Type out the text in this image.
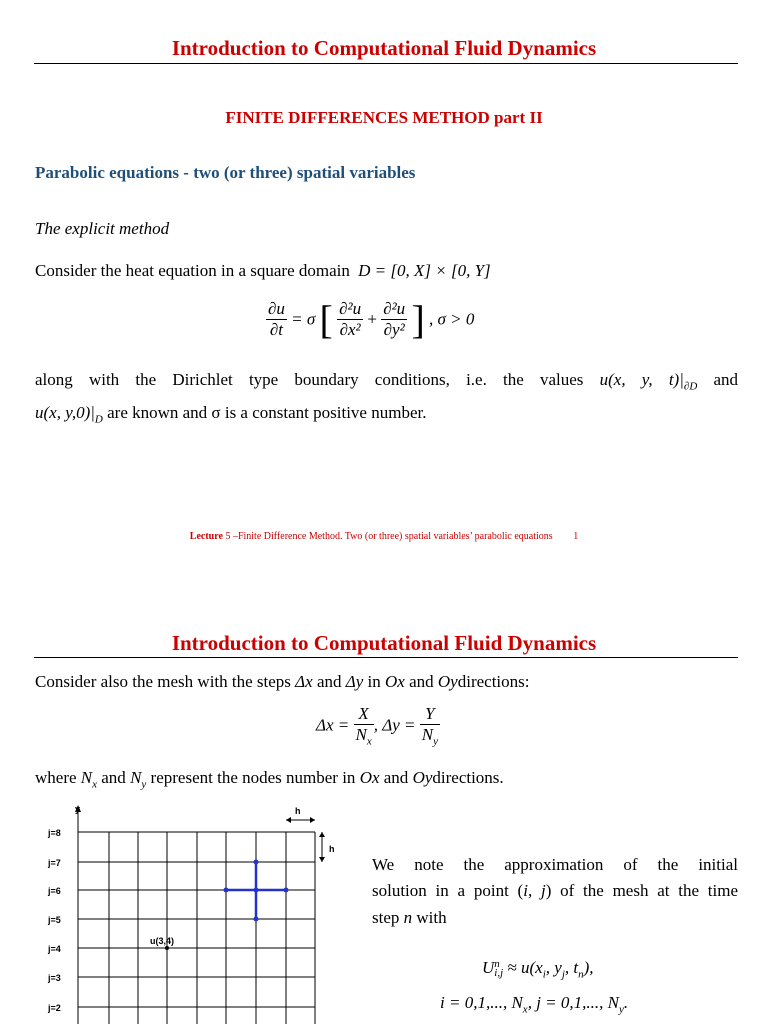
Introduction to Computational Fluid Dynamics
FINITE DIFFERENCES METHOD part II
Parabolic equations - two (or three) spatial variables
The explicit method
Consider the heat equation in a square domain D = [0, X] × [0, Y]
$\frac{\partial u}{\partial t} = \sigma$ [ $\frac{\text{∂²u}}{\text{∂x²}} + \frac{\text{∂²u}}{\text{∂y²}}$ ] , σ > 0
along with the Dirichlet type boundary conditions, i.e. the values u(x, y, $t)|_{\partial D}$ and
u(x, $y,0)|_D$ are known and σ is a constant positive number.
Lecture 5 –Finite Difference Method. Two (or three) spatial variables’ parabolic equations 1
Introduction to Computational Fluid Dynamics
Consider also the mesh with the steps Δx and Δy in Ox and Oydirections:
$\Delta x = \frac{X}{N_x}$ , $\Delta y = \frac{Y}{N_y}$
where $N_x$ and $N_y$ represent the nodes number in Ox and Oydirections.
y	h
h
u(3,4)
j=8
j=7
j=6
j=5
j=4
j=3
j=2
We note the approximation of the initial
solution in a point (i, j) of the mesh at the time
step n with
U n
$i,j \approx u(x_i$, $y_j$, $t_n$),
i = 0,1,..., $N_x$, j = 0,1,..., $N_y$.
